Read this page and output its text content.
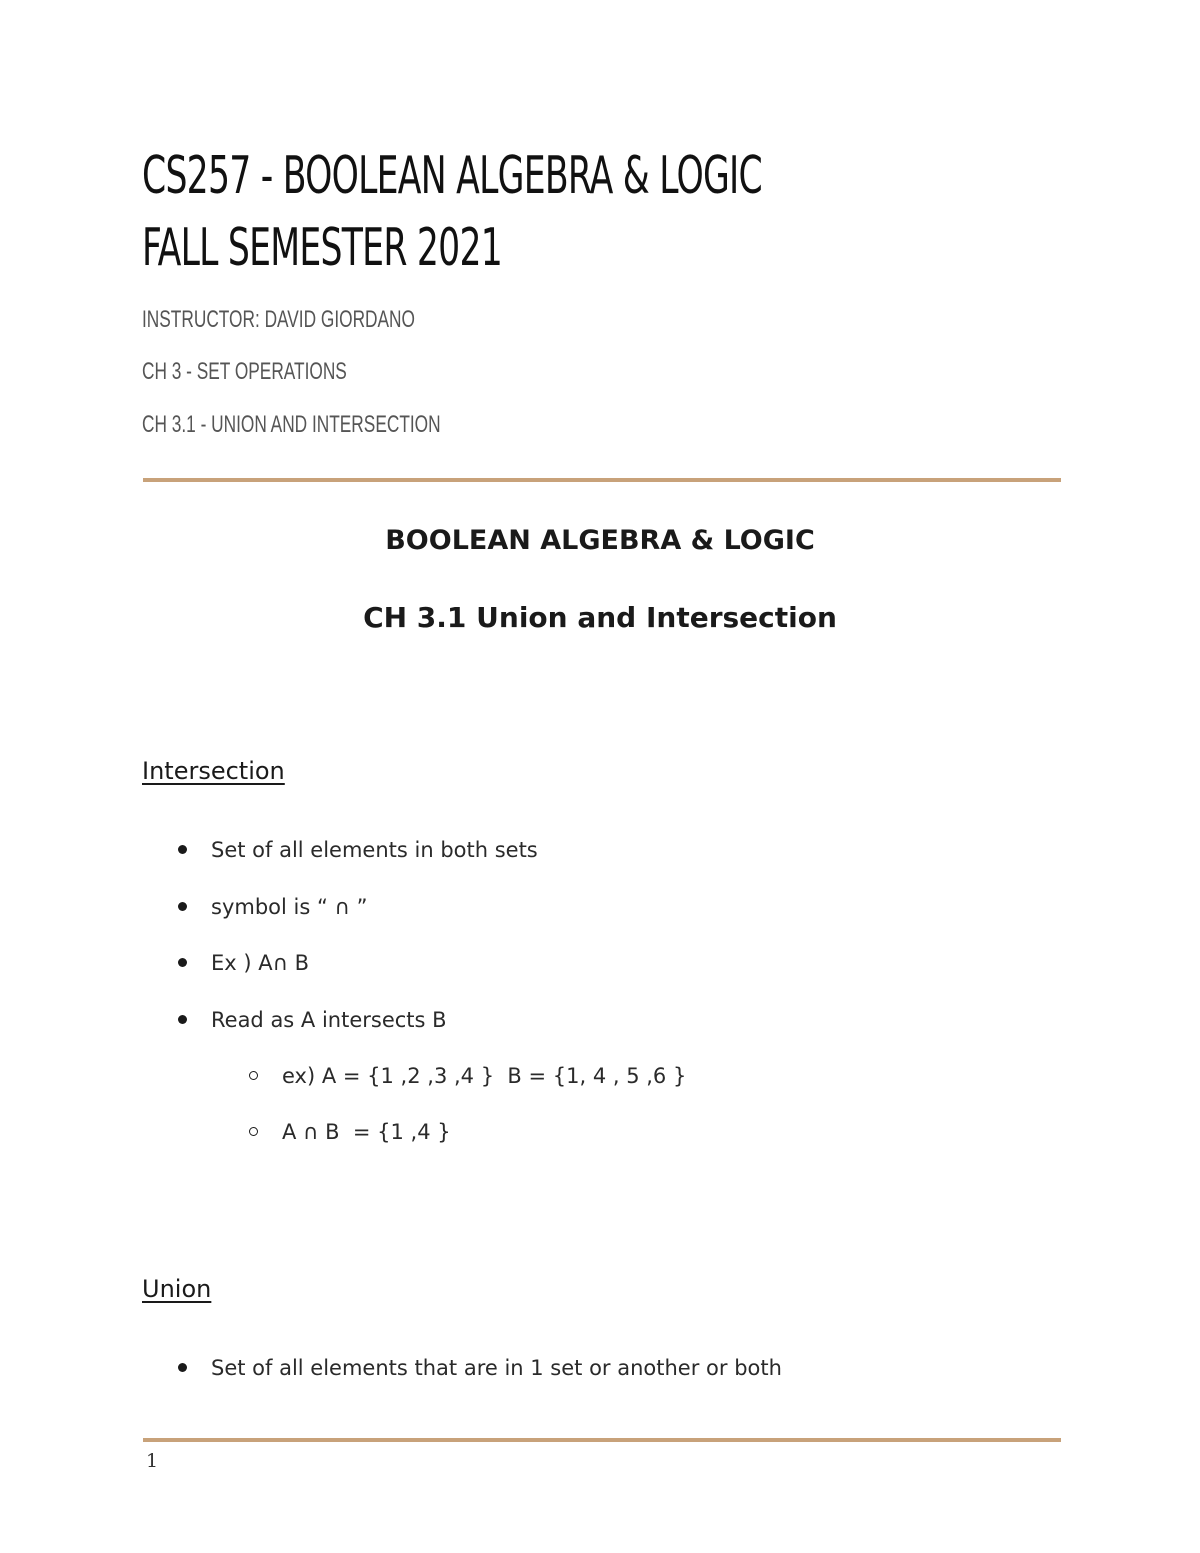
CS257 - BOOLEAN ALGEBRA & LOGIC
FALL SEMESTER 2021

INSTRUCTOR: DAVID GIORDANO

CH 3 - SET OPERATIONS

CH 3.1 - UNION AND INTERSECTION

BOOLEAN ALGEBRA & LOGIC
CH 3.1 Union and Intersection
Intersection
Set of all elements in both sets
symbol is “ ∩ ”
Ex ) A∩ B
Read as A intersects B
ex) A = {1 ,2 ,3 ,4 }  B = {1, 4 , 5 ,6 }
A ∩ B  = {1 ,4 }
Union
Set of all elements that are in 1 set or another or both
1
